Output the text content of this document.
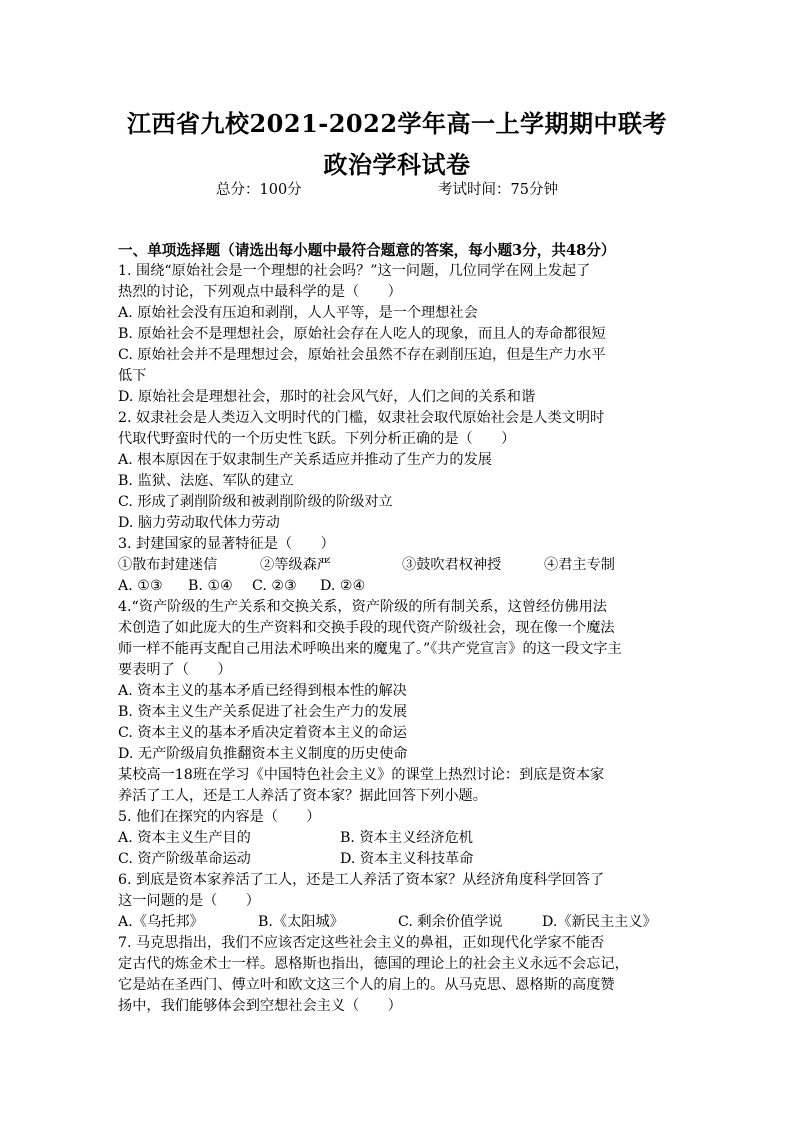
江西省九校2021-2022学年高一上学期期中联考
政治学科试卷
总分：100分	考试时间：75分钟
一、单项选择题（请选出每小题中最符合题意的答案，每小题3分，共48分）
1. 围绕“原始社会是一个理想的社会吗？”这一问题，几位同学在网上发起了
热烈的讨论，下列观点中最科学的是（　　）
A. 原始社会没有压迫和剥削，人人平等，是一个理想社会
B. 原始社会不是理想社会，原始社会存在人吃人的现象，而且人的寿命都很短
C. 原始社会并不是理想过会，原始社会虽然不存在剥削压迫，但是生产力水平
低下
D. 原始社会是理想社会，那时的社会风气好，人们之间的关系和谐
2. 奴隶社会是人类迈入文明时代的门槛，奴隶社会取代原始社会是人类文明时
代取代野蛮时代的一个历史性飞跃。下列分析正确的是（　　）
A. 根本原因在于奴隶制生产关系适应并推动了生产力的发展
B. 监狱、法庭、军队的建立
C. 形成了剥削阶级和被剥削阶级的阶级对立
D. 脑力劳动取代体力劳动
3. 封建国家的显著特征是（　　）
①散布封建迷信	②等级森严	③鼓吹君权神授	④君主专制
A. ①③	B. ①④	C. ②③	D. ②④
4.“资产阶级的生产关系和交换关系，资产阶级的所有制关系，这曾经仿佛用法
术创造了如此庞大的生产资料和交换手段的现代资产阶级社会，现在像一个魔法
师一样不能再支配自己用法术呼唤出来的魔鬼了。”《共产党宣言》的这一段文字主
要表明了（　　）
A. 资本主义的基本矛盾已经得到根本性的解决
B. 资本主义生产关系促进了社会生产力的发展
C. 资本主义的基本矛盾决定着资本主义的命运
D. 无产阶级肩负推翻资本主义制度的历史使命
某校高一18班在学习《中国特色社会主义》的课堂上热烈讨论：到底是资本家
养活了工人，还是工人养活了资本家？据此回答下列小题。
5. 他们在探究的内容是（　　）
A. 资本主义生产目的	B. 资本主义经济危机
C. 资产阶级革命运动	D. 资本主义科技革命
6. 到底是资本家养活了工人，还是工人养活了资本家？从经济角度科学回答了
这一问题的是（　　）
A.《乌托邦》	B.《太阳城》	C. 剩余价值学说	D.《新民主主义》
7. 马克思指出，我们不应该否定这些社会主义的鼻祖，正如现代化学家不能否
定古代的炼金术士一样。恩格斯也指出，德国的理论上的社会主义永远不会忘记，
它是站在圣西门、傅立叶和欧文这三个人的肩上的。从马克思、恩格斯的高度赞
扬中，我们能够体会到空想社会主义（　　）
